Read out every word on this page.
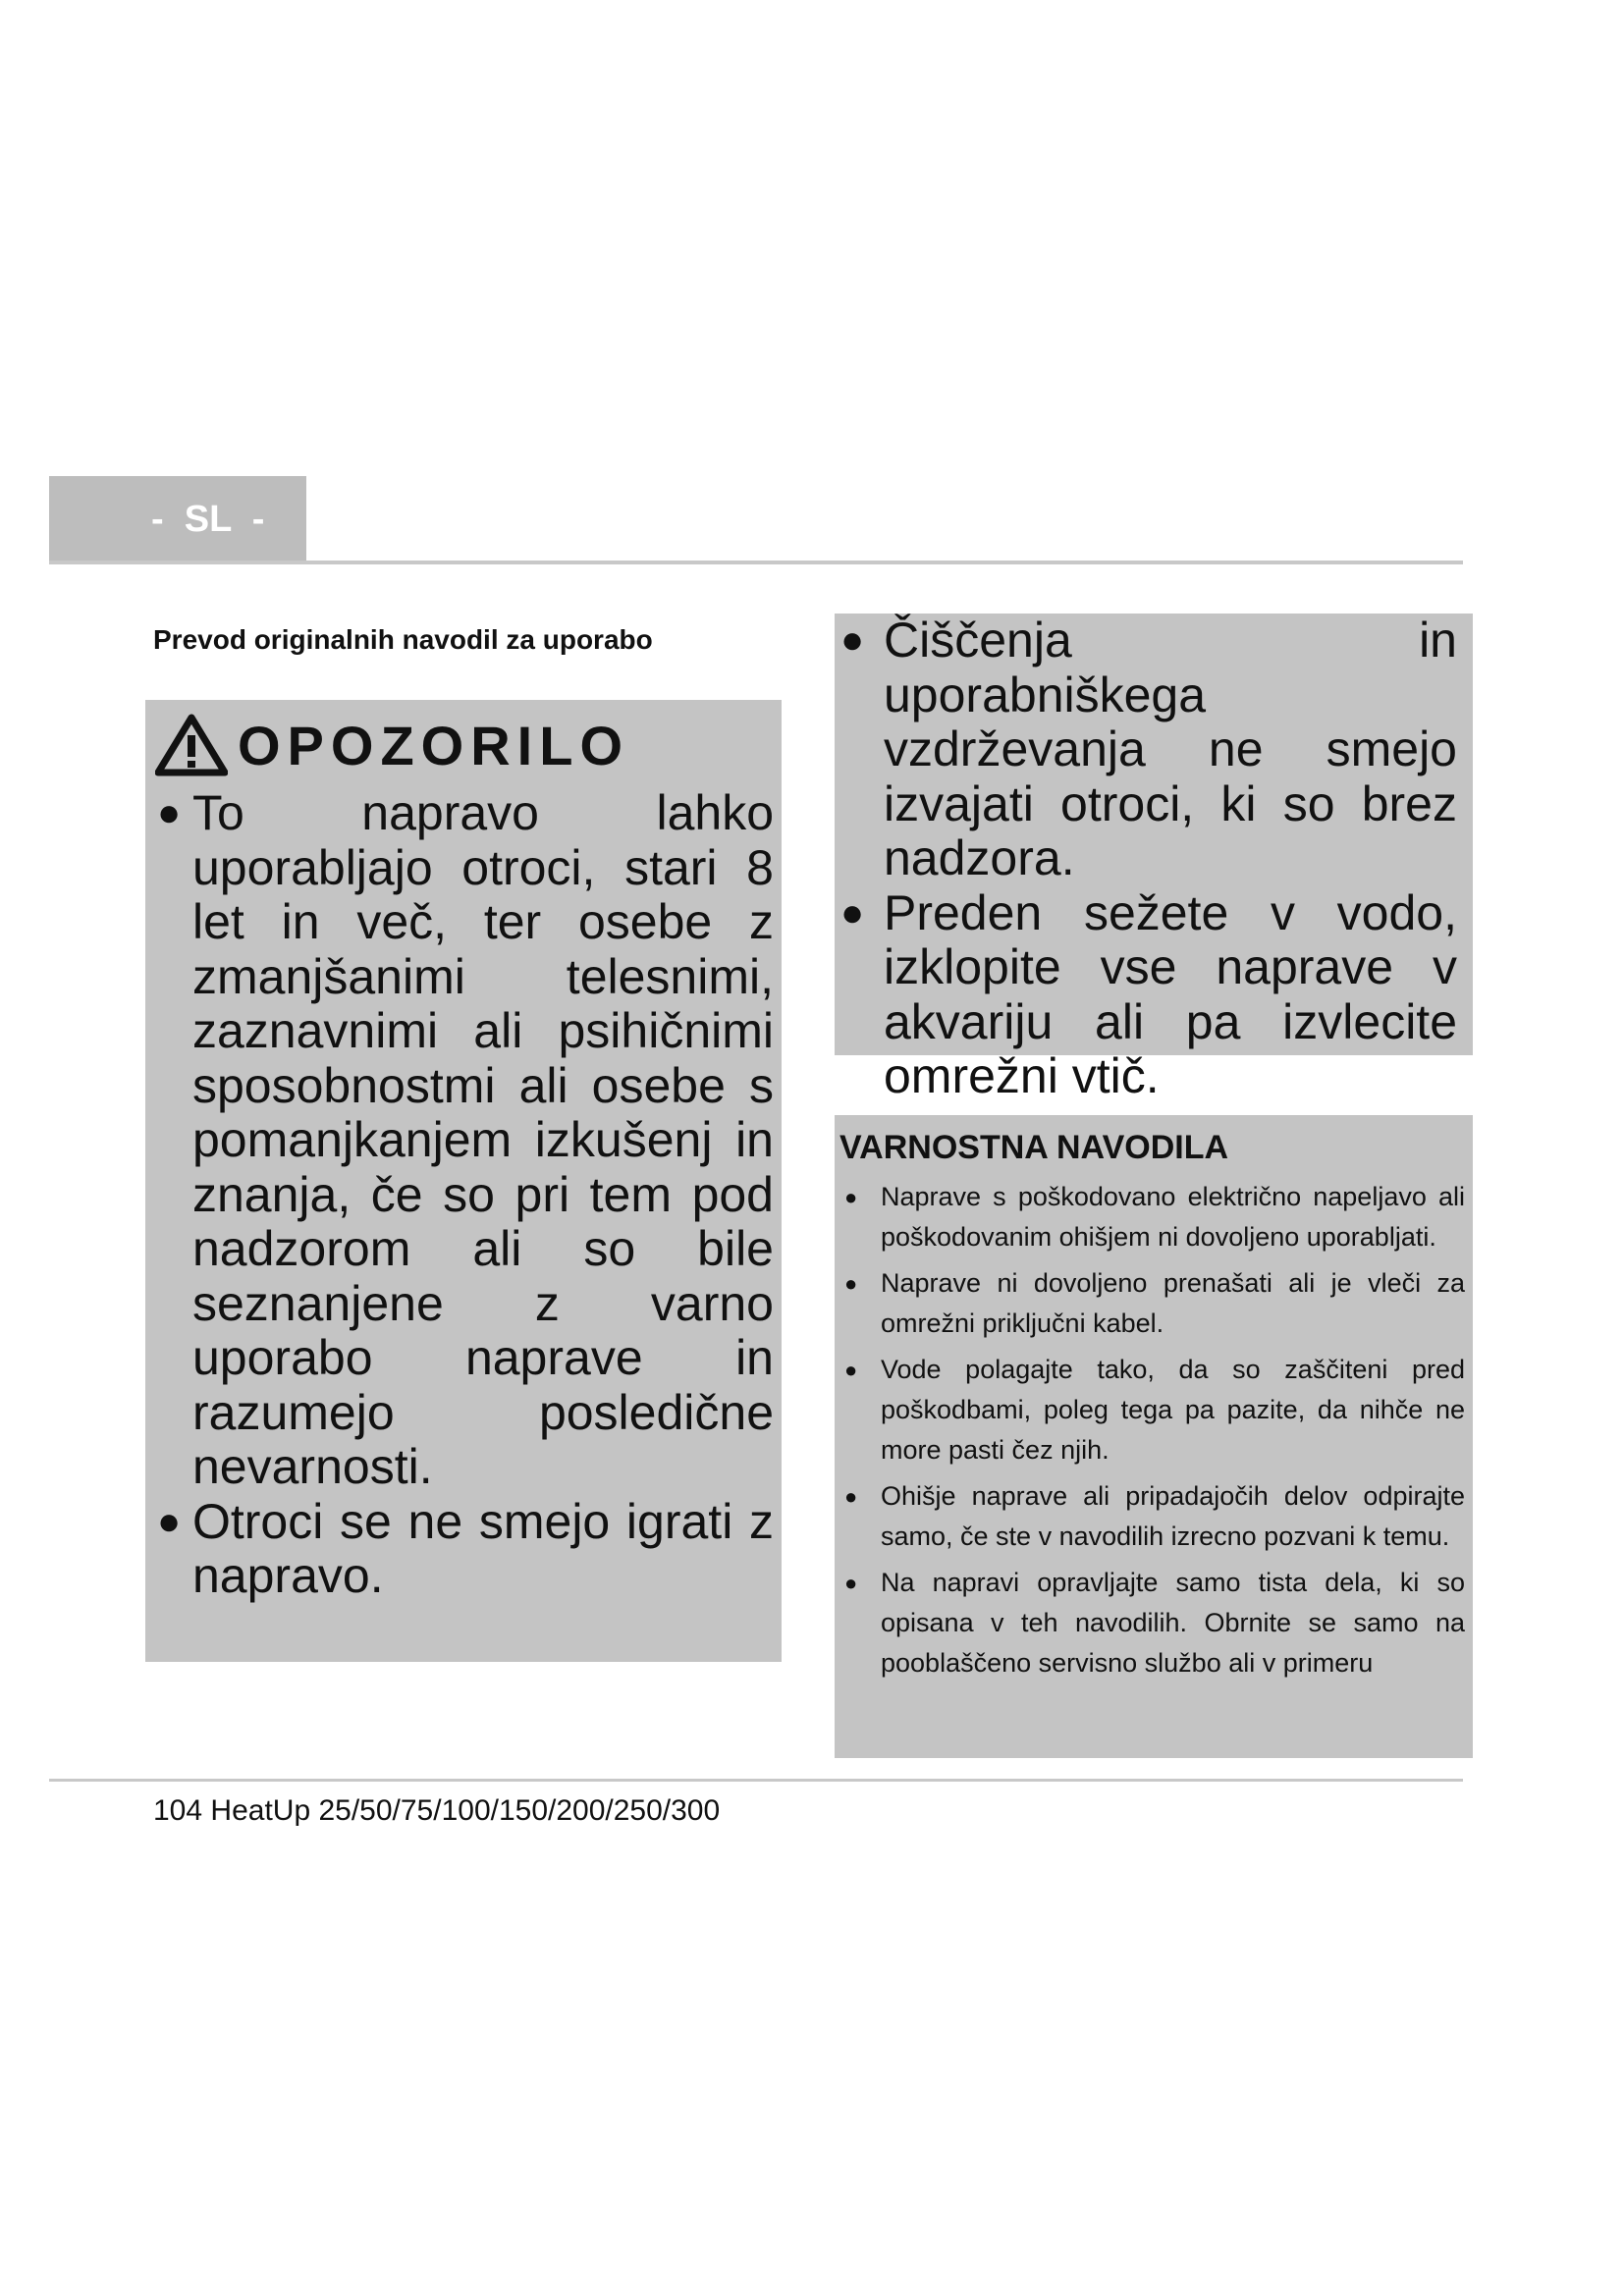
-  SL  -
Prevod originalnih navodil za uporabo
OPOZORILO
● To napravo lahko uporabljajo otroci, stari 8 let in več, ter osebe z zmanjšanimi telesnimi, zaznavnimi ali psihičnimi sposobnostmi ali osebe s pomanjkanjem izkušenj in znanja, če so pri tem pod nadzorom ali so bile seznanjene z varno uporabo naprave in razumejo posledične nevarnosti.
● Otroci se ne smejo igrati z napravo.
● Čiščenja in uporabniškega vzdrževanja ne smejo izvajati otroci, ki so brez nadzora.
● Preden sežete v vodo, izklopite vse naprave v akvariju ali pa izvlecite omrežni vtič.
VARNOSTNA NAVODILA
● Naprave s poškodovano električno napeljavo ali poškodovanim ohišjem ni dovoljeno uporabljati.
● Naprave ni dovoljeno prenašati ali je vleči za omrežni priključni kabel.
● Vode polagajte tako, da so zaščiteni pred poškodbami, poleg tega pa pazite, da nihče ne more pasti čez njih.
● Ohišje naprave ali pripadajočih delov odpirajte samo, če ste v navodilih izrecno pozvani k temu.
● Na napravi opravljajte samo tista dela, ki so opisana v teh navodilih. Obrnite se samo na pooblaščeno servisno službo ali v primeru
104 HeatUp 25/50/75/100/150/200/250/300
